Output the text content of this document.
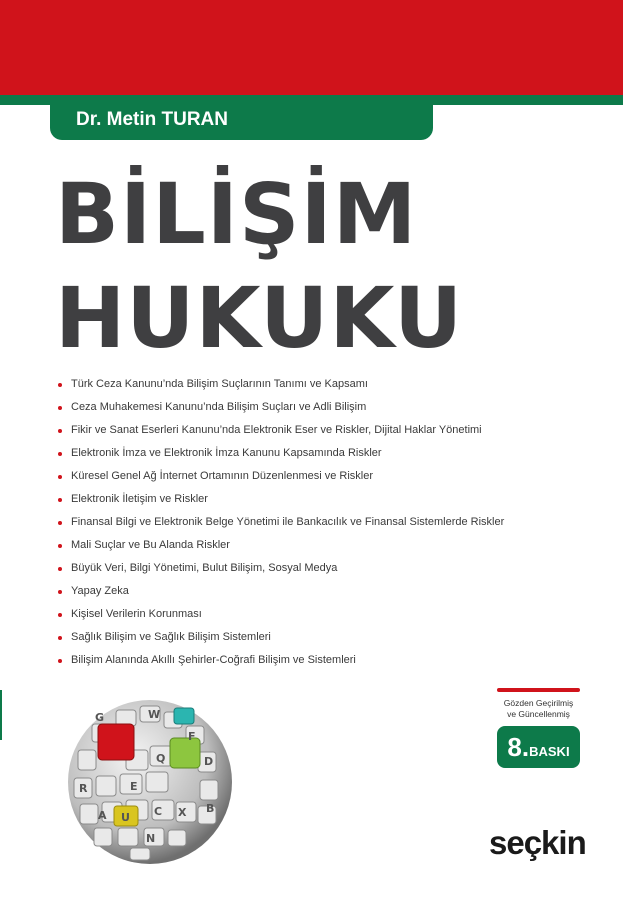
Dr. Metin TURAN
BİLİŞİM
HUKUKU
Türk Ceza Kanunu’nda Bilişim Suçlarının Tanımı ve Kapsamı
Ceza Muhakemesi Kanunu’nda Bilişim Suçları ve Adli Bilişim
Fikir ve Sanat Eserleri Kanunu’nda Elektronik Eser ve Riskler, Dijital Haklar Yönetimi
Elektronik İmza ve Elektronik İmza Kanunu Kapsamında Riskler
Küresel Genel Ağ İnternet Ortamının Düzenlenmesi ve Riskler
Elektronik İletişim ve Riskler
Finansal Bilgi ve Elektronik Belge Yönetimi ile Bankacılık ve Finansal Sistemlerde Riskler
Mali Suçlar ve Bu Alanda Riskler
Büyük Veri, Bilgi Yönetimi, Bulut Bilişim, Sosyal Medya
Yapay Zeka
Kişisel Verilerin Korunması
Sağlık Bilişim ve Sağlık Bilişim Sistemleri
Bilişim Alanında Akıllı Şehirler-Coğrafi Bilişim ve Sistemleri
G	W
F
D
Q
R	E
B
U	X
C
A
N
Gözden Geçirilmiş
ve Güncellenmiş
8.BASKI
seçkin
